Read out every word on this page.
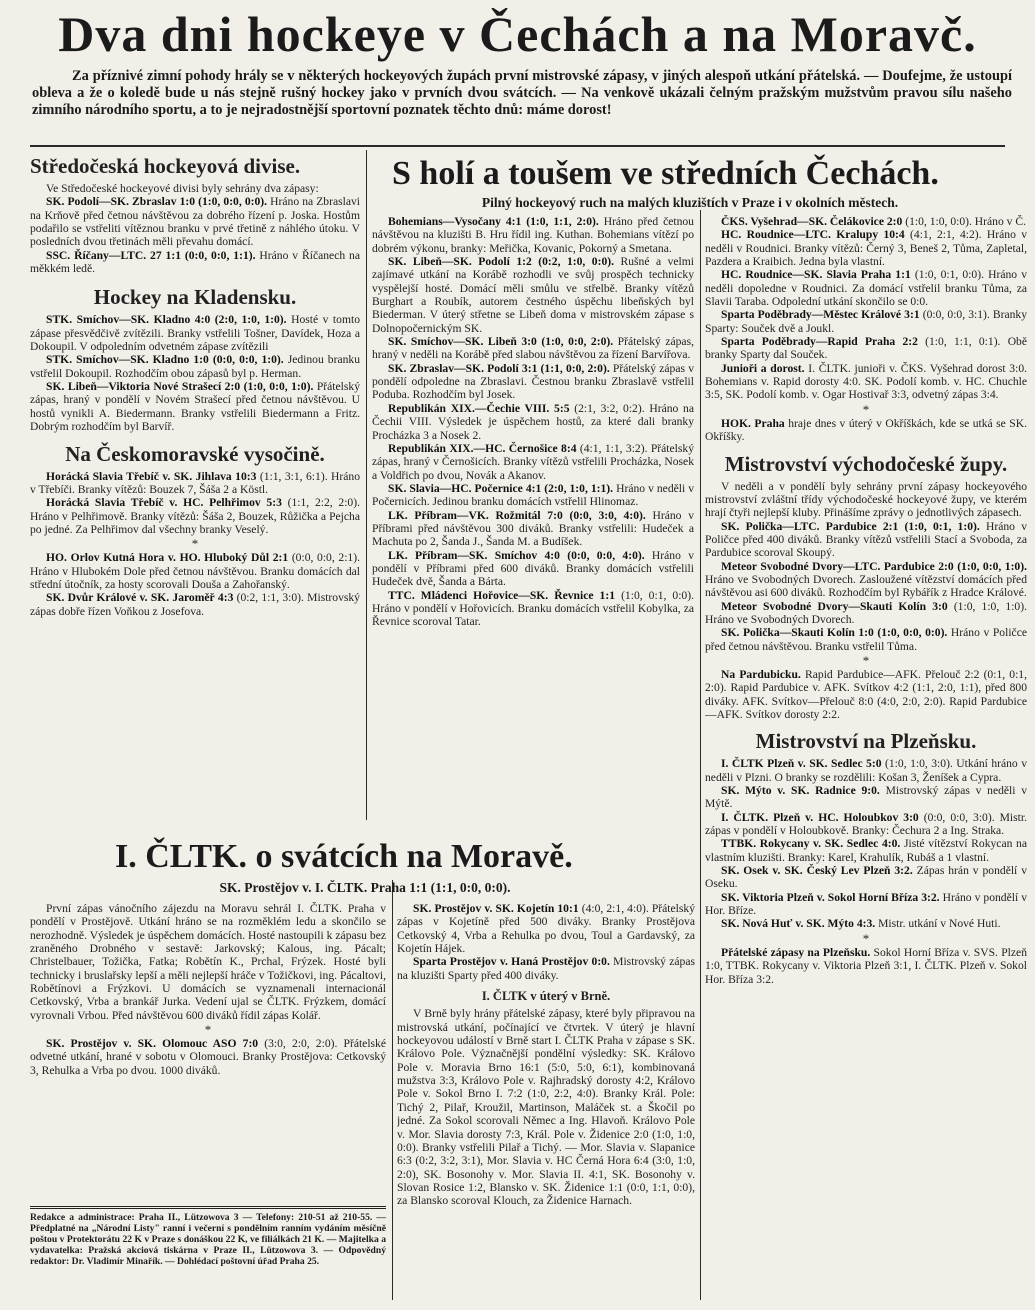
Dva dni hockeye v Čechách a na Moravč.
Za příznivé zimní pohody hrály se v některých hockeyových župách první mistrovské zápasy, v jiných alespoň utkání přátelská. — Doufejme, že ustoupí obleva a že o koledě bude u nás stejně rušný hockey jako v prvních dvou svátcích. — Na venkově ukázali čelným pražským mužstvům pravou sílu našeho zimního národního sportu, a to je nejradostnější sportovní poznatek těchto dnů: máme dorost!
Středočeská hockeyová divise.

Ve Středočeské hockeyové divisi byly sehrány dva zápasy:

SK. Podolí—SK. Zbraslav 1:0 (1:0, 0:0, 0:0). Hráno na Zbraslavi na Krňově před četnou návštěvou za dobrého řízení p. Joska. Hostům podařilo se vstřeliti vítěznou branku v prvé třetině z náhlého útoku. V posledních dvou třetinách měli převahu domácí.

SSC. Říčany—LTC. 27 1:1 (0:0, 0:0, 1:1). Hráno v Říčanech na měkkém ledě.

Hockey na Kladensku.

STK. Smíchov—SK. Kladno 4:0 (2:0, 1:0, 1:0). Hosté v tomto zápase přesvědčivě zvítězili. Branky vstřelili Tošner, Davídek, Hoza a Dokoupil. V odpoledním odvetném zápase zvítězili

STK. Smíchov—SK. Kladno 1:0 (0:0, 0:0, 1:0). Jedinou branku vstřelil Dokoupil. Rozhodčím obou zápasů byl p. Herman.

SK. Libeň—Viktoria Nové Strašecí 2:0 (1:0, 0:0, 1:0). Přátelský zápas, hraný v pondělí v Novém Strašecí před četnou návštěvou. U hostů vynikli A. Biedermann. Branky vstřelili Biedermann a Fritz. Dobrým rozhodčím byl Barvíř.

Na Českomoravské vysočině.

Horácká Slavia Třebíč v. SK. Jihlava 10:3 (1:1, 3:1, 6:1). Hráno v Třebíči. Branky vítězů: Bouzek 7, Šáša 2 a Köstl.

Horácká Slavia Třebíč v. HC. Pelhřimov 5:3 (1:1, 2:2, 2:0). Hráno v Pelhřimově. Branky vítězů: Šáša 2, Bouzek, Růžička a Pejcha po jedné. Za Pelhřimov dal všechny branky Veselý.

*

HO. Orlov Kutná Hora v. HO. Hluboký Důl 2:1 (0:0, 0:0, 2:1). Hráno v Hlubokém Dole před četnou návštěvou. Branku domácích dal střední útočník, za hosty scorovali Douša a Zahořanský.

SK. Dvůr Králové v. SK. Jaroměř 4:3 (0:2, 1:1, 3:0). Mistrovský zápas dobře řízen Voňkou z Josefova.

S holí a toušem ve středních Čechách.
Pilný hockeyový ruch na malých kluzištích v Praze i v okolních městech.

Bohemians—Vysočany 4:1 (1:0, 1:1, 2:0). Hráno před četnou návštěvou na kluzišti B. Hru řídil ing. Kuthan. Bohemians vítězí po dobrém výkonu, branky: Meřička, Kovanic, Pokorný a Smetana.

SK. Libeň—SK. Podolí 1:2 (0:2, 1:0, 0:0). Rušné a velmi zajímavé utkání na Korábě rozhodli ve svůj prospěch technicky vyspělejší hosté. Domácí měli smůlu ve střelbě. Branky vítězů Burghart a Roubík, autorem čestného úspěchu libeňských byl Biederman. V úterý střetne se Libeň doma v mistrovském zápase s Dolnopočernickým SK.

SK. Smíchov—SK. Libeň 3:0 (1:0, 0:0, 2:0). Přátelský zápas, hraný v neděli na Korábě před slabou návštěvou za řízení Barvířova.

SK. Zbraslav—SK. Podolí 3:1 (1:1, 0:0, 2:0). Přátelský zápas v pondělí odpoledne na Zbraslavi. Čestnou branku Zbraslavě vstřelil Poduba. Rozhodčím byl Josek.

Republikán XIX.—Čechie VIII. 5:5 (2:1, 3:2, 0:2). Hráno na Čechii VIII. Výsledek je úspěchem hostů, za které dali branky Procházka 3 a Nosek 2.

Republikán XIX.—HC. Černošice 8:4 (4:1, 1:1, 3:2). Přátelský zápas, hraný v Černošicích. Branky vítězů vstřelili Procházka, Nosek a Voldřich po dvou, Novák a Akanov.

SK. Slavia—HC. Počernice 4:1 (2:0, 1:0, 1:1). Hráno v neděli v Počernicích. Jedinou branku domácích vstřelil Hlinomaz.

LK. Příbram—VK. Rožmitál 7:0 (0:0, 3:0, 4:0). Hráno v Příbrami před návštěvou 300 diváků. Branky vstřelili: Hudeček a Machuta po 2, Šanda J., Šanda M. a Budíšek.

LK. Příbram—SK. Smíchov 4:0 (0:0, 0:0, 4:0). Hráno v pondělí v Příbrami před 600 diváků. Branky domácích vstřelili Hudeček dvě, Šanda a Bárta.

TTC. Mládenci Hořovice—SK. Řevnice 1:1 (1:0, 0:1, 0:0). Hráno v pondělí v Hořovicích. Branku domácích vstřelil Kobylka, za Řevnice scoroval Tatar.

ČKS. Vyšehrad—SK. Čelákovice 2:0 (1:0, 1:0, 0:0). Hráno v Č.

HC. Roudnice—LTC. Kralupy 10:4 (4:1, 2:1, 4:2). Hráno v neděli v Roudnici. Branky vítězů: Černý 3, Beneš 2, Tůma, Zapletal, Pazdera a Kraibich. Jedna byla vlastní.

HC. Roudnice—SK. Slavia Praha 1:1 (1:0, 0:1, 0:0). Hráno v neděli dopoledne v Roudnici. Za domácí vstřelil branku Tůma, za Slavii Taraba. Odpolední utkání skončilo se 0:0.

Sparta Poděbrady—Městec Králové 3:1 (0:0, 0:0, 3:1). Branky Sparty: Souček dvě a Joukl.

Sparta Poděbrady—Rapid Praha 2:2 (1:0, 1:1, 0:1). Obě branky Sparty dal Souček.

Junioři a dorost. I. ČLTK. junioři v. ČKS. Vyšehrad dorost 3:0. Bohemians v. Rapid dorosty 4:0. SK. Podolí komb. v. HC. Chuchle 3:5, SK. Podolí komb. v. Ogar Hostivař 3:3, odvetný zápas 3:4.

*

HOK. Praha hraje dnes v úterý v Okříškách, kde se utká se SK. Okříšky.

Mistrovství východočeské župy.

V neděli a v pondělí byly sehrány první zápasy hockeyového mistrovství zvláštní třídy východočeské hockeyové župy, ve kterém hrají čtyři nejlepší kluby. Přinášíme zprávy o jednotlivých zápasech.

SK. Polička—LTC. Pardubice 2:1 (1:0, 0:1, 1:0). Hráno v Poličce před 400 diváků. Branky vítězů vstřelili Stací a Svoboda, za Pardubice scoroval Skoupý.

Meteor Svobodné Dvory—LTC. Pardubice 2:0 (1:0, 0:0, 1:0). Hráno ve Svobodných Dvorech. Zasloužené vítězství domácích před návštěvou asi 600 diváků. Rozhodčím byl Rybářík z Hradce Králové.

Meteor Svobodné Dvory—Skauti Kolín 3:0 (1:0, 1:0, 1:0). Hráno ve Svobodných Dvorech.

SK. Polička—Skauti Kolín 1:0 (1:0, 0:0, 0:0). Hráno v Poličce před četnou návštěvou. Branku vstřelil Tůma.

*

Na Pardubicku. Rapid Pardubice—AFK. Přelouč 2:2 (0:1, 0:1, 2:0). Rapid Pardubice v. AFK. Svítkov 4:2 (1:1, 2:0, 1:1), před 800 diváky. AFK. Svítkov—Přelouč 8:0 (4:0, 2:0, 2:0). Rapid Pardubice—AFK. Svítkov dorosty 2:2.

Mistrovství na Plzeňsku.

I. ČLTK Plzeň v. SK. Sedlec 5:0 (1:0, 1:0, 3:0). Utkání hráno v neděli v Plzni. O branky se rozdělili: Košan 3, Ženíšek a Cypra.

SK. Mýto v. SK. Radnice 9:0. Mistrovský zápas v neděli v Mýtě.

I. ČLTK. Plzeň v. HC. Holoubkov 3:0 (0:0, 0:0, 3:0). Mistr. zápas v pondělí v Holoubkově. Branky: Čechura 2 a Ing. Straka.

TTBK. Rokycany v. SK. Sedlec 4:0. Jisté vítězství Rokycan na vlastním kluzišti. Branky: Karel, Krahulík, Rubáš a 1 vlastní.

SK. Osek v. SK. Český Lev Plzeň 3:2. Zápas hrán v pondělí v Oseku.

SK. Viktoria Plzeň v. Sokol Horní Bříza 3:2. Hráno v pondělí v Hor. Bříze.

SK. Nová Huť v. SK. Mýto 4:3. Mistr. utkání v Nové Huti.

*

Přátelské zápasy na Plzeňsku. Sokol Horní Bříza v. SVS. Plzeň 1:0, TTBK. Rokycany v. Viktoria Plzeň 3:1, I. ČLTK. Plzeň v. Sokol Hor. Bříza 3:2.

I. ČLTK. o svátcích na Moravě.
SK. Prostějov v. I. ČLTK. Praha 1:1 (1:1, 0:0, 0:0).

První zápas vánočního zájezdu na Moravu sehrál I. ČLTK. Praha v pondělí v Prostějově. Utkání hráno se na rozměklém ledu a skončilo se nerozhodně. Výsledek je úspěchem domácích. Hosté nastoupili k zápasu bez zraněného Drobného v sestavě: Jarkovský; Kalous, ing. Pácalt; Christelbauer, Tožička, Fatka; Robětín K., Prchal, Frýzek. Hosté byli technicky i bruslařsky lepší a měli nejlepší hráče v Tožičkovi, ing. Pácaltovi, Robětínovi a Frýzkovi. U domácích se vyznamenali internacionál Cetkovský, Vrba a brankář Jurka. Vedení ujal se ČLTK. Frýzkem, domácí vyrovnali Vrbou. Před návštěvou 600 diváků řídil zápas Kolář.

*

SK. Prostějov v. SK. Olomouc ASO 7:0 (3:0, 2:0, 2:0). Přátelské odvetné utkání, hrané v sobotu v Olomouci. Branky Prostějova: Cetkovský 3, Rehulka a Vrba po dvou. 1000 diváků.

Redakce a administrace: Praha II., Lützowova 3 — Telefony: 210-51 až 210-55. — Předplatné na „Národní Listy" ranní i večerní s pondělním ranním vydáním měsíčně poštou v Protektorátu 22 K v Praze s donáškou 22 K, ve filiálkách 21 K. — Majitelka a vydavatelka: Pražská akciová tiskárna v Praze II., Lützowova 3. — Odpovědný redaktor: Dr. Vladimír Minařík. — Dohlédací poštovní úřad Praha 25.

SK. Prostějov v. SK. Kojetín 10:1 (4:0, 2:1, 4:0). Přátelský zápas v Kojetíně před 500 diváky. Branky Prostějova Cetkovský 4, Vrba a Rehulka po dvou, Toul a Gardavský, za Kojetín Hájek.

Sparta Prostějov v. Haná Prostějov 0:0. Mistrovský zápas na kluzišti Sparty před 400 diváky.

I. ČLTK v úterý v Brně.

V Brně byly hrány přátelské zápasy, které byly připravou na mistrovská utkání, počínající ve čtvrtek. V úterý je hlavní hockeyovou událostí v Brně start I. ČLTK Praha v zápase s SK. Královo Pole. Význačnější pondělní výsledky: SK. Královo Pole v. Moravia Brno 16:1 (5:0, 5:0, 6:1), kombinovaná mužstva 3:3, Královo Pole v. Rajhradský dorosty 4:2, Královo Pole v. Sokol Brno I. 7:2 (1:0, 2:2, 4:0). Branky Král. Pole: Tichý 2, Pilař, Kroužil, Martinson, Maláček st. a Škočil po jedné. Za Sokol scorovali Němec a Ing. Hlavoň. Královo Pole v. Mor. Slavia dorosty 7:3, Král. Pole v. Židenice 2:0 (1:0, 1:0, 0:0). Branky vstřelili Pilař a Tichý. — Mor. Slavia v. Slapanice 6:3 (0:2, 3:2, 3:1), Mor. Slavia v. HC Černá Hora 6:4 (3:0, 1:0, 2:0), SK. Bosonohy v. Mor. Slavia II. 4:1, SK. Bosonohy v. Slovan Rosice 1:2, Blansko v. SK. Židenice 1:1 (0:0, 1:1, 0:0), za Blansko scoroval Klouch, za Židenice Harnach.
